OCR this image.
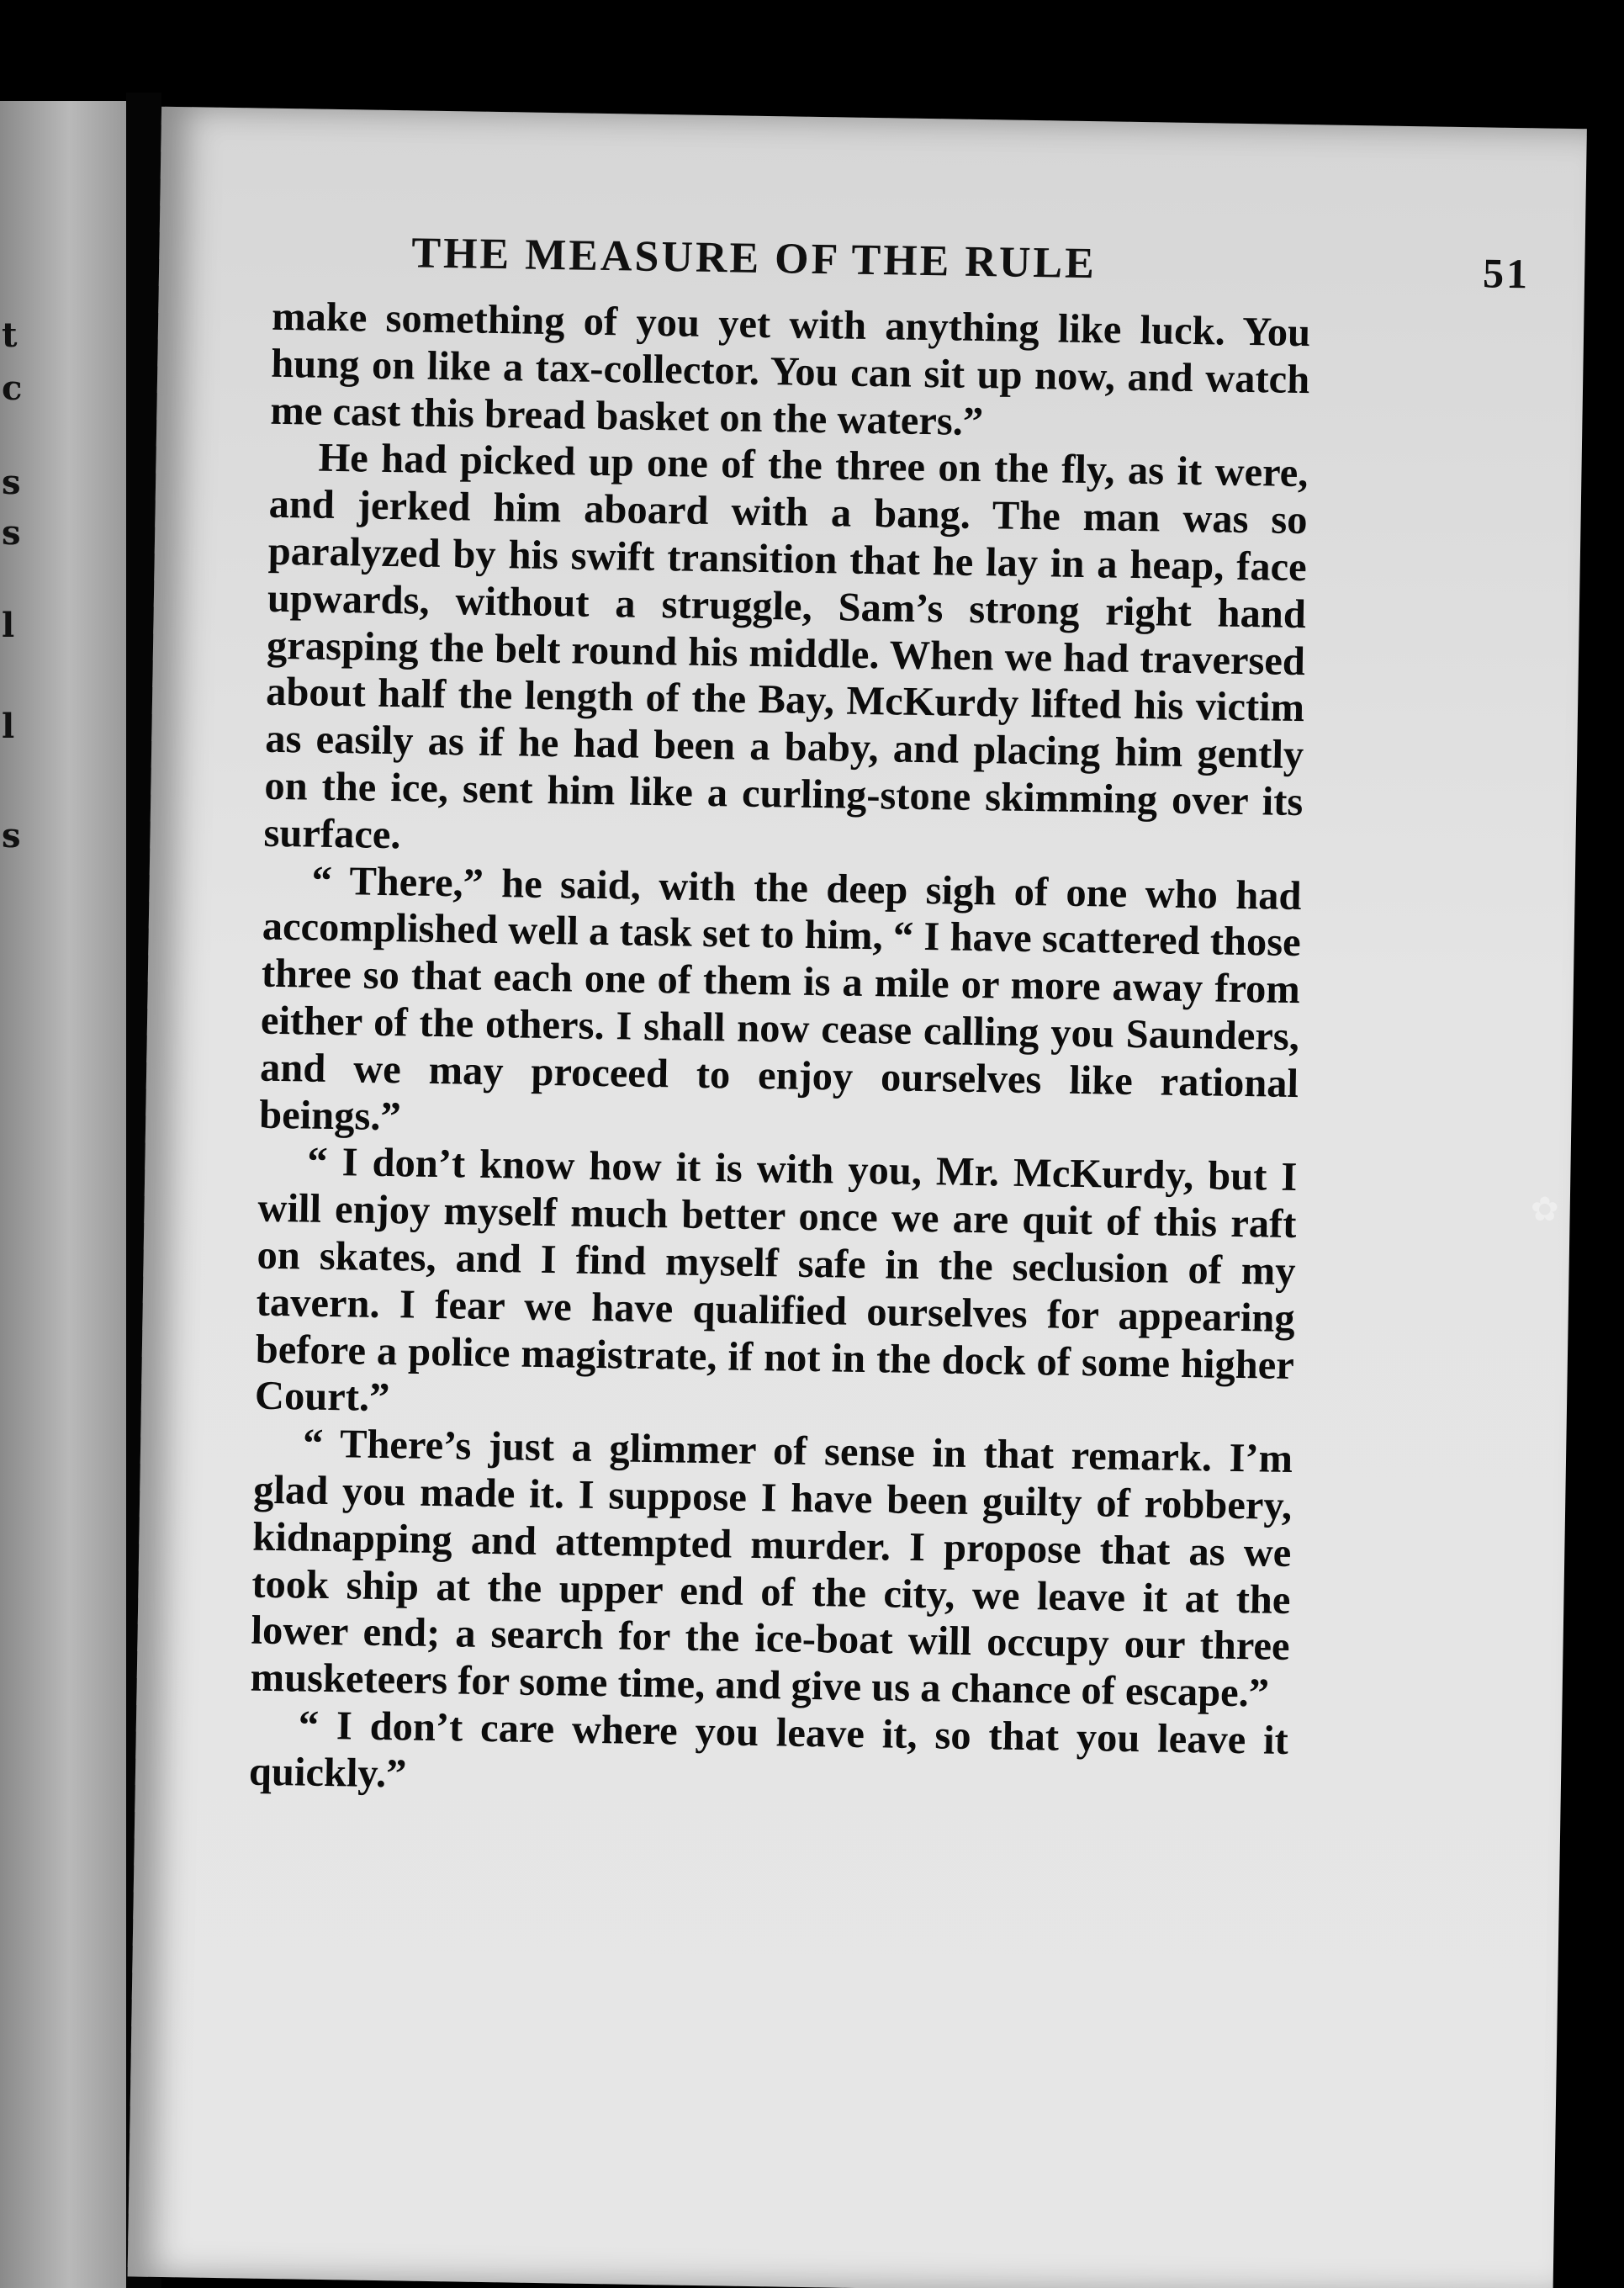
t
c
s
s
l
l
s
THE MEASURE OF THE RULE	51

make something of you yet with anything like luck. You hung on like a tax-collector. You can sit up now, and watch me cast this bread basket on the waters.”

He had picked up one of the three on the fly, as it were, and jerked him aboard with a bang. The man was so paralyzed by his swift transition that he lay in a heap, face upwards, without a struggle, Sam’s strong right hand grasping the belt round his middle. When we had traversed about half the length of the Bay, McKurdy lifted his victim as easily as if he had been a baby, and placing him gently on the ice, sent him like a curling-stone skimming over its surface.

“ There,” he said, with the deep sigh of one who had accomplished well a task set to him, “ I have scattered those three so that each one of them is a mile or more away from either of the others. I shall now cease calling you Saunders, and we may proceed to enjoy ourselves like rational beings.”

“ I don’t know how it is with you, Mr. McKurdy, but I will enjoy myself much better once we are quit of this raft on skates, and I find myself safe in the seclusion of my tavern. I fear we have qualified ourselves for appearing before a police magistrate, if not in the dock of some higher Court.”

“ There’s just a glimmer of sense in that remark. I’m glad you made it. I suppose I have been guilty of robbery, kidnapping and attempted murder. I propose that as we took ship at the upper end of the city, we leave it at the lower end; a search for the ice-boat will occupy our three musketeers for some time, and give us a chance of escape.”

“ I don’t care where you leave it, so that you leave it quickly.”

✿
